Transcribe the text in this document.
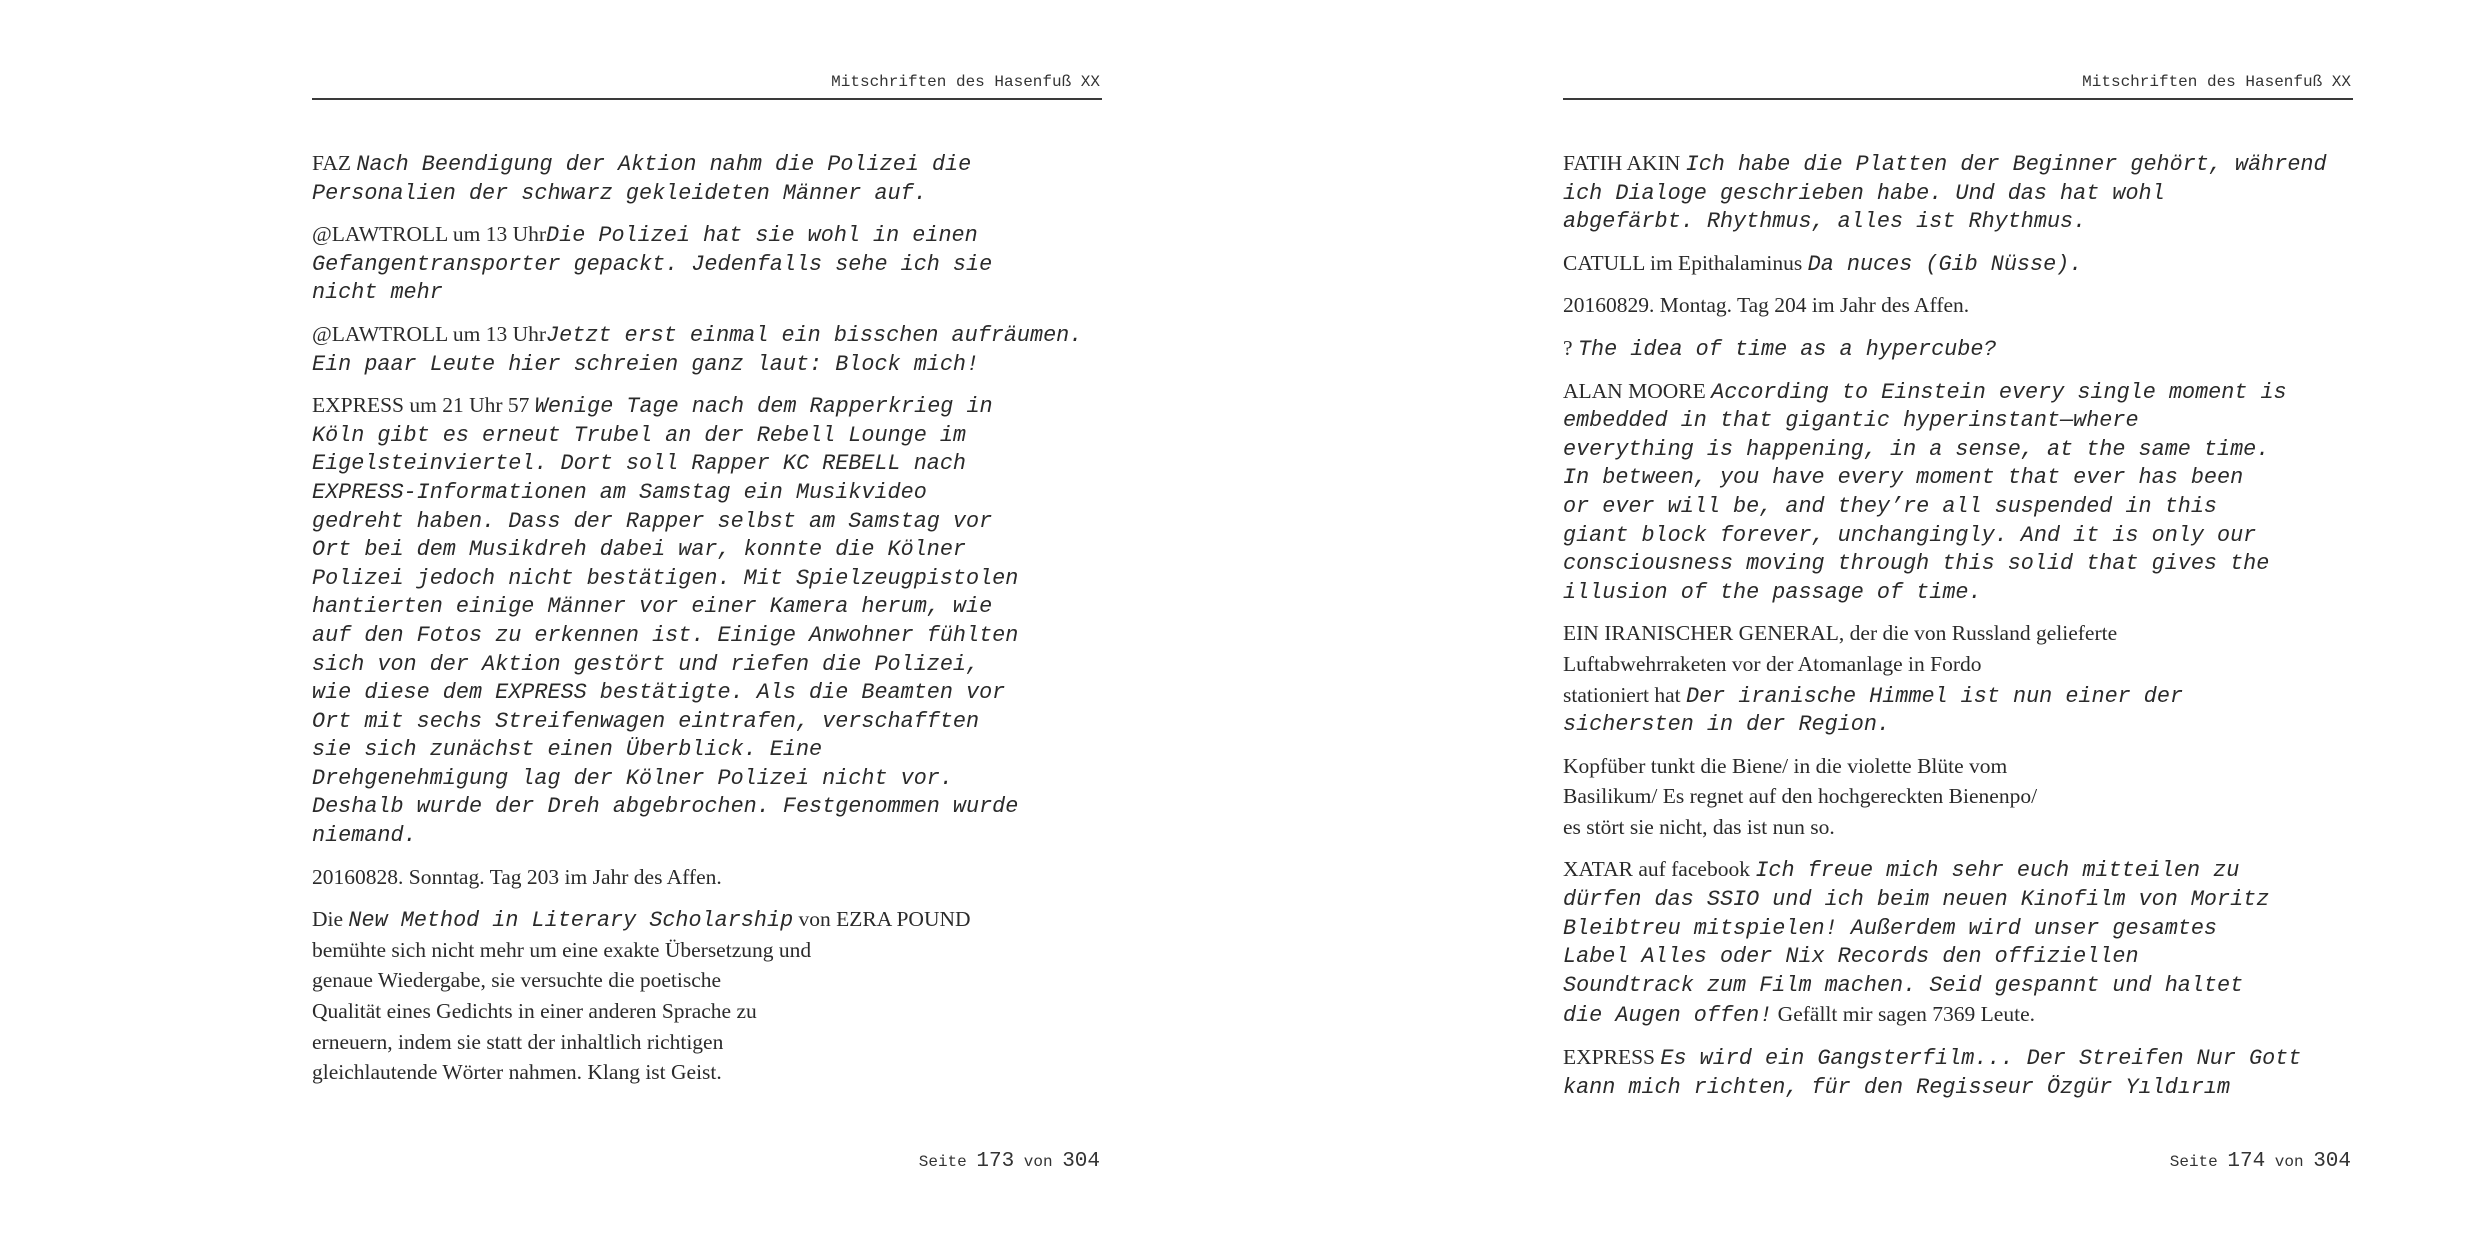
Mitschriften des Hasenfuß XX
FAZ Nach Beendigung der Aktion nahm die Polizei die
Personalien der schwarz gekleideten Männer auf.
@LAWTROLL um 13 UhrDie Polizei hat sie wohl in einen
Gefangentransporter gepackt. Jedenfalls sehe ich sie
nicht mehr
@LAWTROLL um 13 UhrJetzt erst einmal ein bisschen aufräumen.
Ein paar Leute hier schreien ganz laut: Block mich!
EXPRESS um 21 Uhr 57 Wenige Tage nach dem Rapperkrieg in
Köln gibt es erneut Trubel an der Rebell Lounge im
Eigelsteinviertel. Dort soll Rapper KC REBELL nach
EXPRESS-Informationen am Samstag ein Musikvideo
gedreht haben. Dass der Rapper selbst am Samstag vor
Ort bei dem Musikdreh dabei war, konnte die Kölner
Polizei jedoch nicht bestätigen. Mit Spielzeugpistolen
hantierten einige Männer vor einer Kamera herum, wie
auf den Fotos zu erkennen ist. Einige Anwohner fühlten
sich von der Aktion gestört und riefen die Polizei,
wie diese dem EXPRESS bestätigte. Als die Beamten vor
Ort mit sechs Streifenwagen eintrafen, verschafften
sie sich zunächst einen Überblick. Eine
Drehgenehmigung lag der Kölner Polizei nicht vor.
Deshalb wurde der Dreh abgebrochen. Festgenommen wurde
niemand.
20160828. Sonntag. Tag 203 im Jahr des Affen.
Die New Method in Literary Scholarship von EZRA POUND
bemühte sich nicht mehr um eine exakte Übersetzung und
genaue Wiedergabe, sie versuchte die poetische
Qualität eines Gedichts in einer anderen Sprache zu
erneuern, indem sie statt der inhaltlich richtigen
gleichlautende Wörter nahmen. Klang ist Geist.
Seite 173 von 304
Mitschriften des Hasenfuß XX
FATIH AKIN Ich habe die Platten der Beginner gehört, während
ich Dialoge geschrieben habe. Und das hat wohl
abgefärbt. Rhythmus, alles ist Rhythmus.
CATULL im Epithalaminus Da nuces (Gib Nüsse).
20160829. Montag. Tag 204 im Jahr des Affen.
? The idea of time as a hypercube?
ALAN MOORE According to Einstein every single moment is
embedded in that gigantic hyperinstant—where
everything is happening, in a sense, at the same time.
In between, you have every moment that ever has been
or ever will be, and they’re all suspended in this
giant block forever, unchangingly. And it is only our
consciousness moving through this solid that gives the
illusion of the passage of time.
EIN IRANISCHER GENERAL, der die von Russland gelieferte
Luftabwehrraketen vor der Atomanlage in Fordo
stationiert hat Der iranische Himmel ist nun einer der
sichersten in der Region.
Kopfüber tunkt die Biene/ in die violette Blüte vom
Basilikum/ Es regnet auf den hochgereckten Bienenpo/
es stört sie nicht, das ist nun so.
XATAR auf facebook Ich freue mich sehr euch mitteilen zu
dürfen das SSIO und ich beim neuen Kinofilm von Moritz
Bleibtreu mitspielen! Außerdem wird unser gesamtes
Label Alles oder Nix Records den offiziellen
Soundtrack zum Film machen. Seid gespannt und haltet
die Augen offen! Gefällt mir sagen 7369 Leute.
EXPRESS Es wird ein Gangsterfilm... Der Streifen Nur Gott
kann mich richten, für den Regisseur Özgür Yıldırım
Seite 174 von 304
